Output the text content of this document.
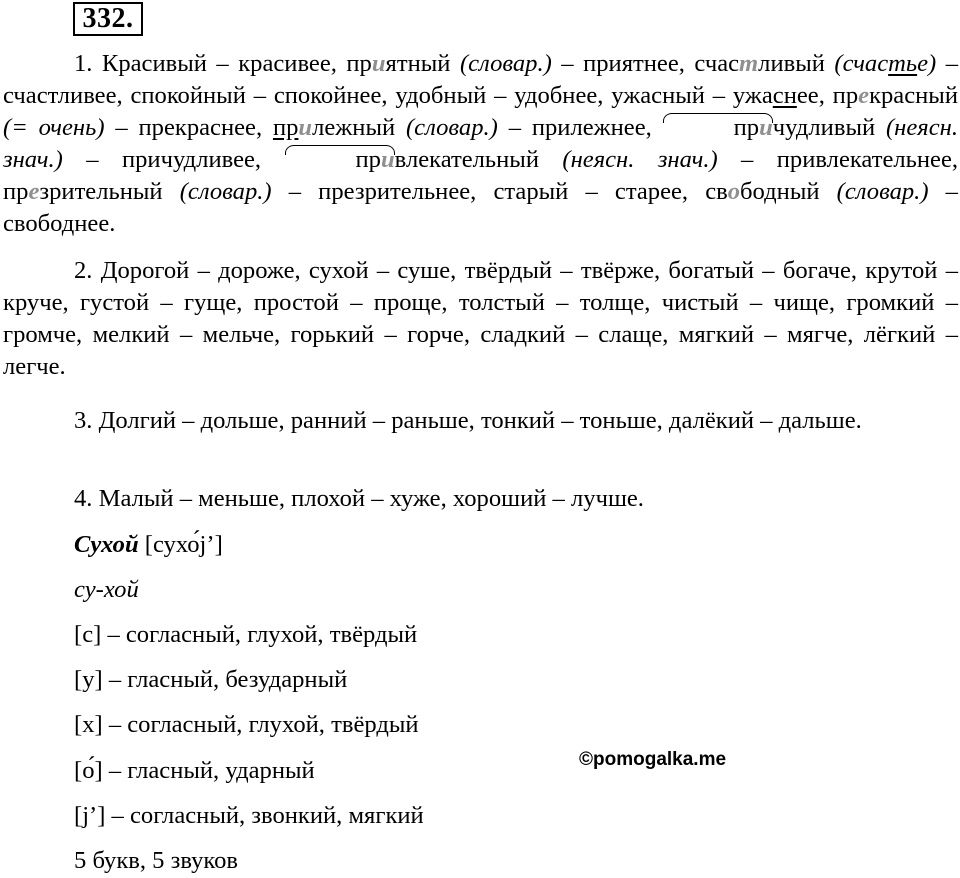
332.

1. Красивый – красивее, приятный (словар.) – приятнее, счастливый (счастье) – счастливее, спокойный – спокойнее, удобный – удобнее, ужасный – ужаснее, прекрасный (= очень) – прекраснее, прилежный (словар.) – прилежнее,	причудливый (неясн. знач.) – причудливее,	привлекательный (неясн. знач.) – привлекательнее, презрительный (словар.) – презрительнее, старый – старее, свободный (словар.) – свободнее.

2. Дорогой – дороже, сухой – суше, твёрдый – твёрже, богатый – богаче, крутой – круче, густой – гуще, простой – проще, толстый – толще, чистый – чище, громкий – громче, мелкий – мельче, горький – горче, сладкий – слаще, мягкий – мягче, лёгкий – легче.

3. Долгий – дольше, ранний – раньше, тонкий – тоньше, далёкий – дальше.

4. Малый – меньше, плохой – хуже, хороший – лучше.

Сухой [сухо́j’]

су-хой

[с] – согласный, глухой, твёрдый

[у] – гласный, безударный

[х] – согласный, глухой, твёрдый

[о́] – гласный, ударный

[j’] – согласный, звонкий, мягкий

5 букв, 5 звуков

©pomogalka.me
